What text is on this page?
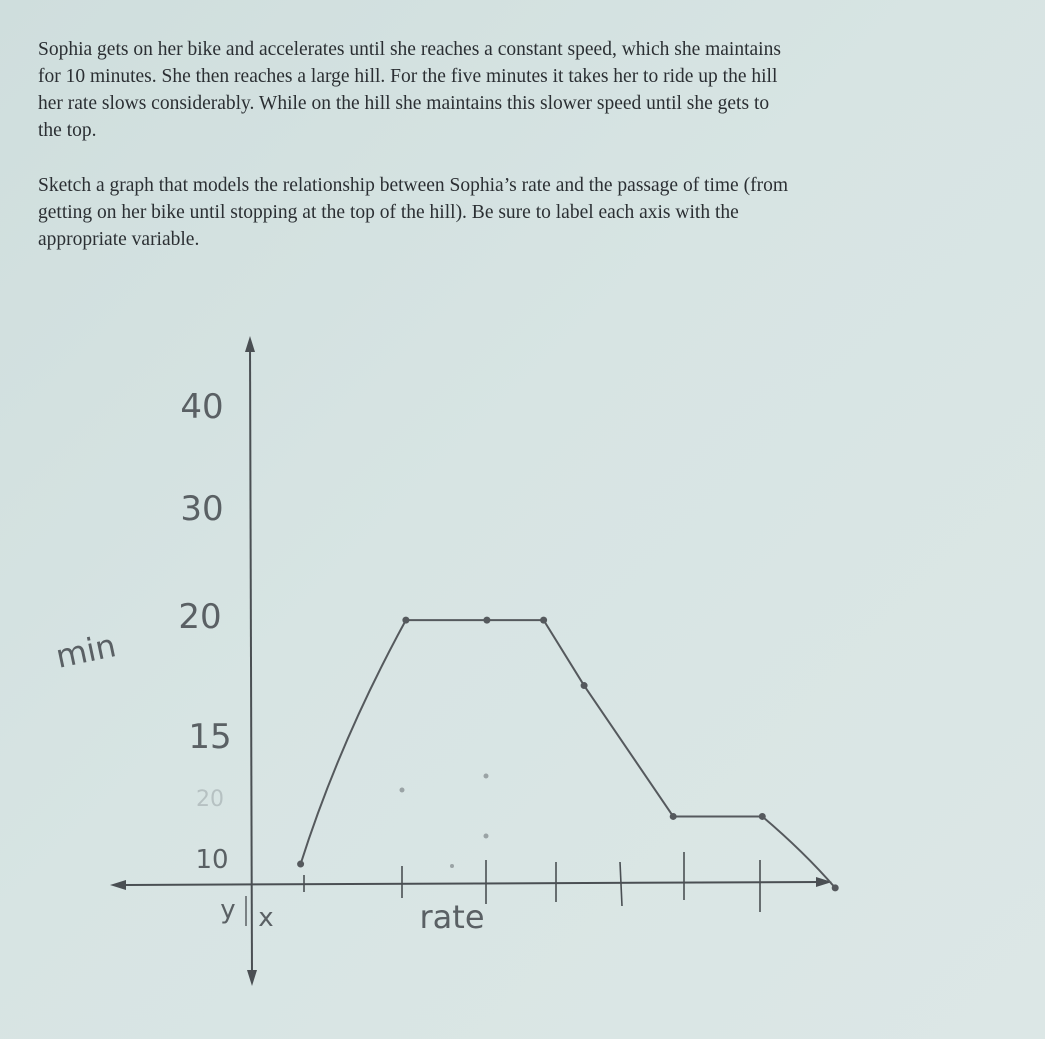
Sophia gets on her bike and accelerates until she reaches a constant speed, which she maintains
for 10 minutes. She then reaches a large hill. For the five minutes it takes her to ride up the hill
her rate slows considerably. While on the hill she maintains this slower speed until she gets to
the top.

Sketch a graph that models the relationship between Sophia’s rate and the passage of time (from
getting on her bike until stopping at the top of the hill). Be sure to label each axis with the
appropriate variable.

40
30
20
15
20
10
min
rate
y x
